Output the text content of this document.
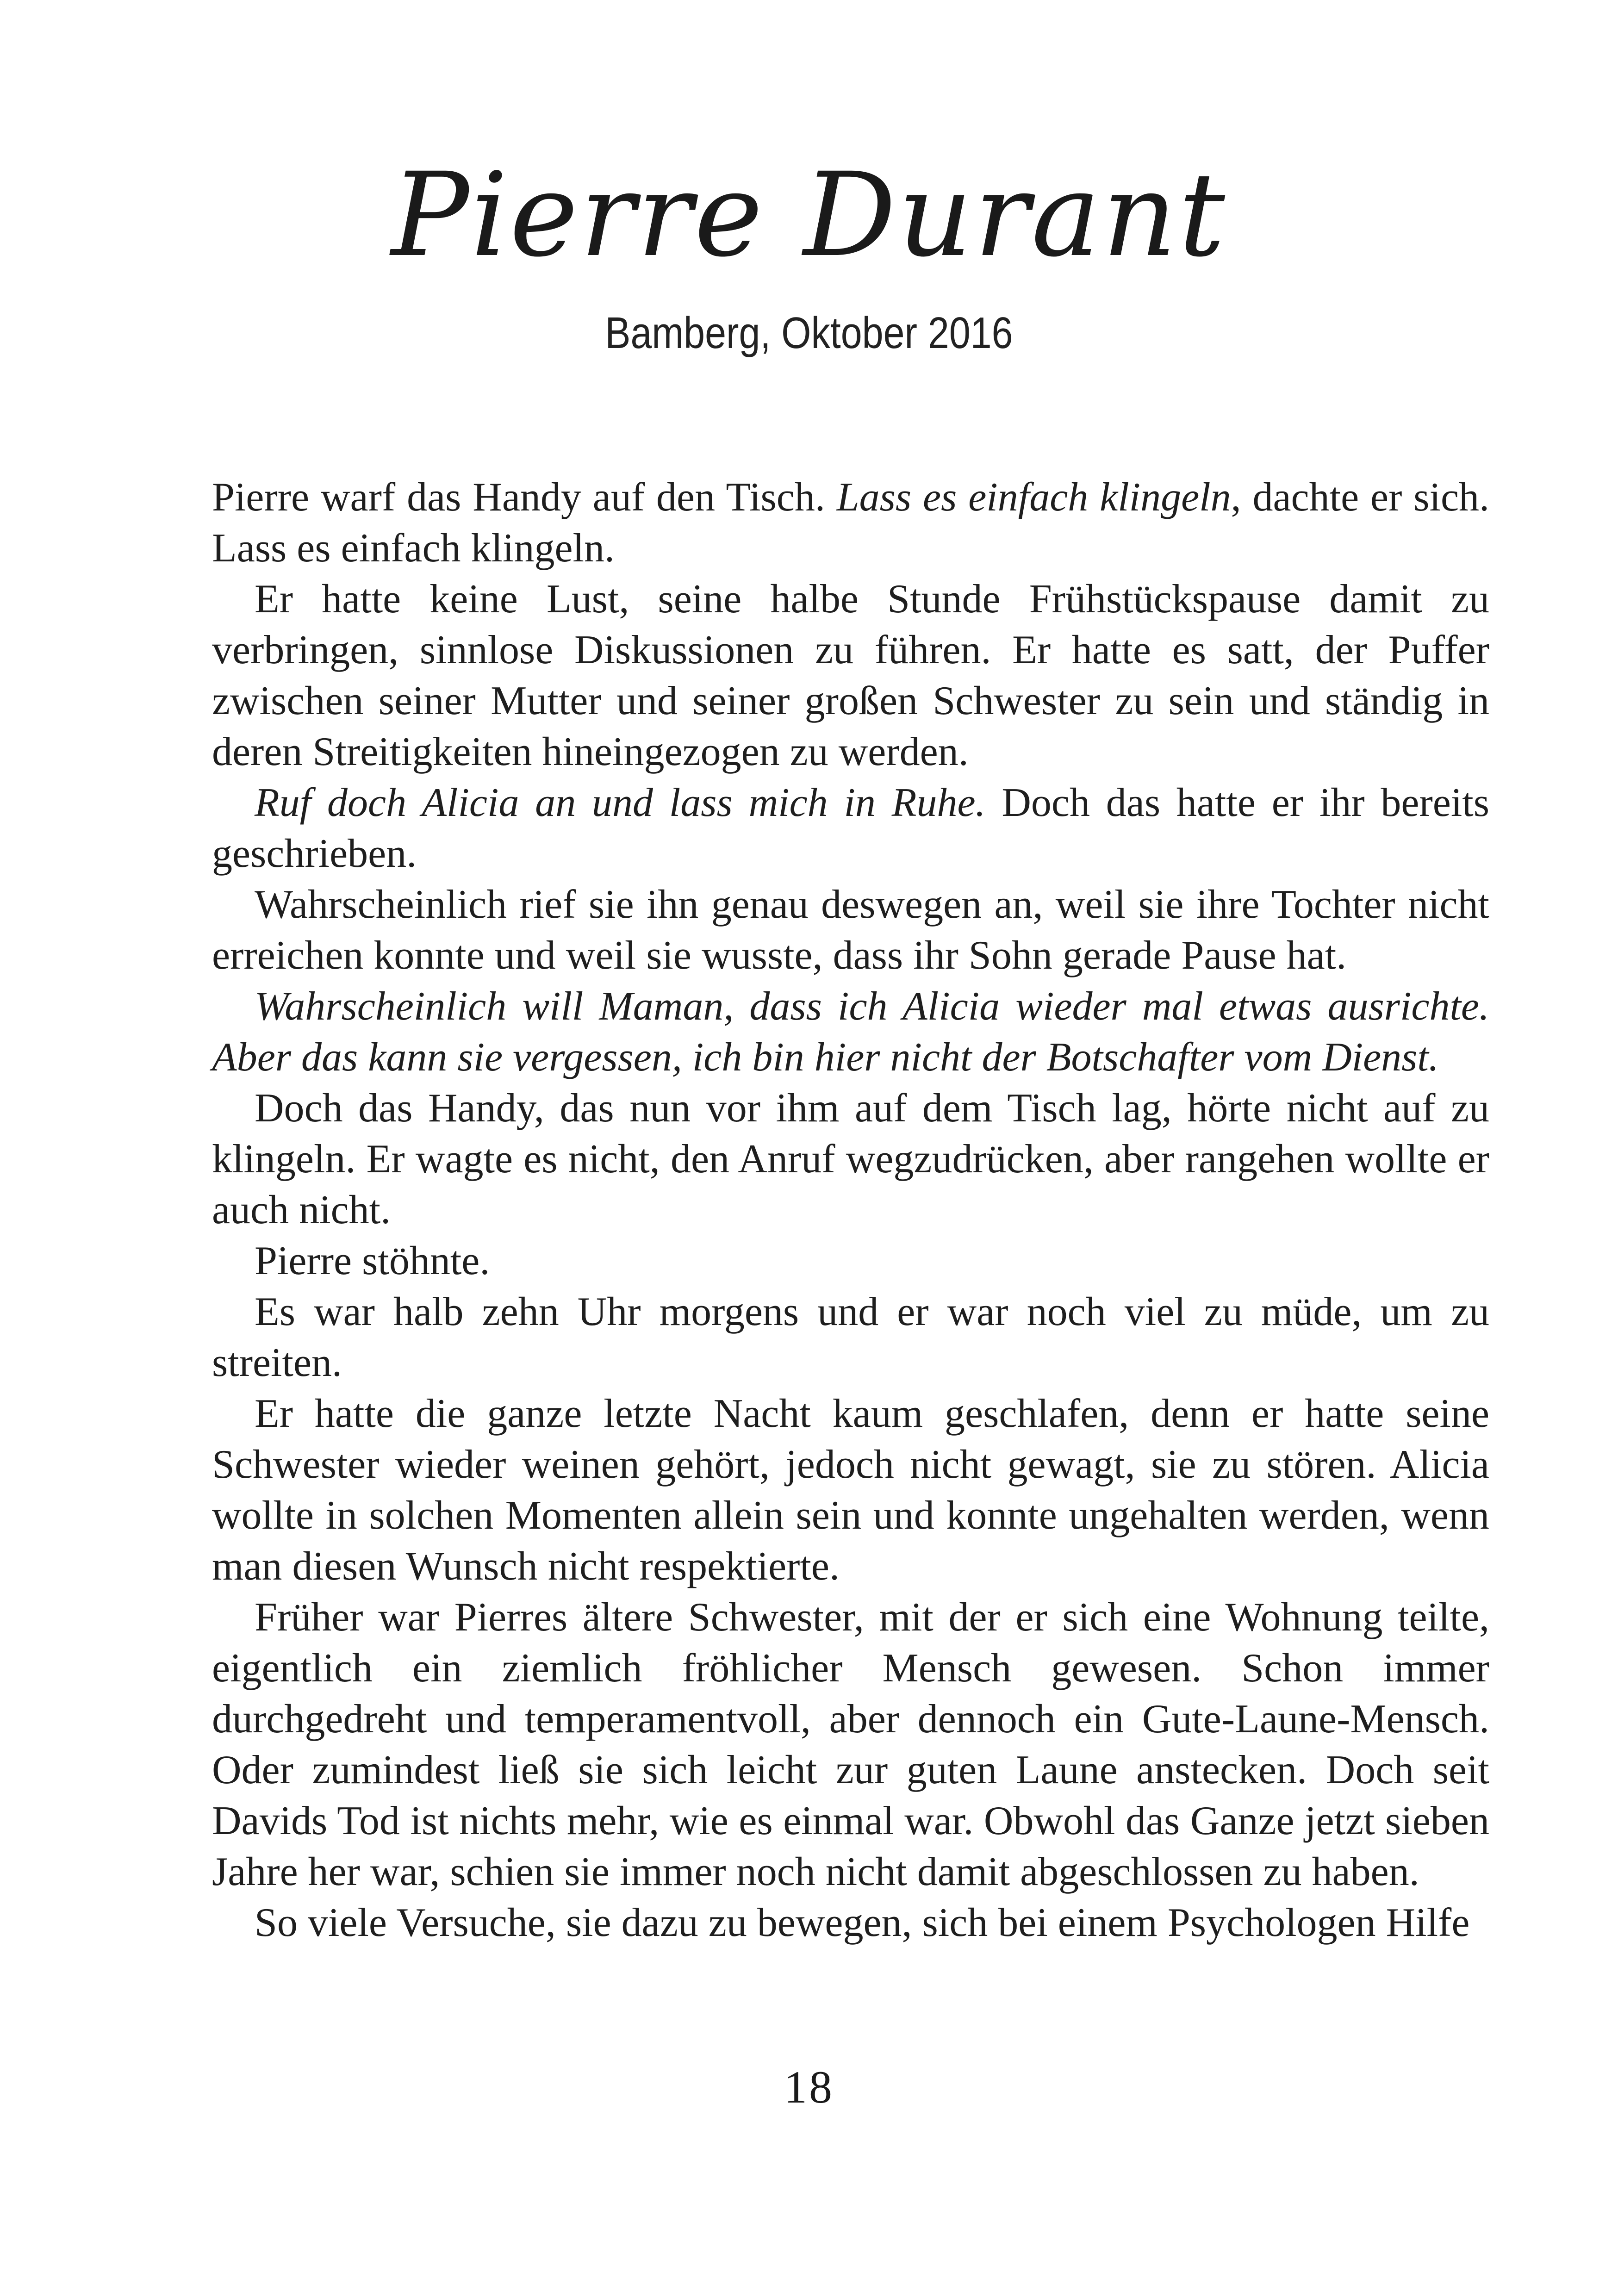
Pierre Durant
Bamberg, Oktober 2016

Pierre warf das Handy auf den Tisch. Lass es einfach klingeln, dachte er sich. Lass es einfach klingeln.

Er hatte keine Lust, seine halbe Stunde Frühstückspause damit zu verbringen, sinnlose Diskussionen zu führen. Er hatte es satt, der Puffer zwischen seiner Mutter und seiner großen Schwester zu sein und ständig in deren Streitigkeiten hineingezogen zu werden.

Ruf doch Alicia an und lass mich in Ruhe. Doch das hatte er ihr bereits geschrieben.

Wahrscheinlich rief sie ihn genau deswegen an, weil sie ihre Tochter nicht erreichen konnte und weil sie wusste, dass ihr Sohn gerade Pause hat.

Wahrscheinlich will Maman, dass ich Alicia wieder mal etwas ausrichte. Aber das kann sie vergessen, ich bin hier nicht der Botschafter vom Dienst.

Doch das Handy, das nun vor ihm auf dem Tisch lag, hörte nicht auf zu klingeln. Er wagte es nicht, den Anruf wegzudrücken, aber rangehen wollte er auch nicht.

Pierre stöhnte.

Es war halb zehn Uhr morgens und er war noch viel zu müde, um zu streiten.

Er hatte die ganze letzte Nacht kaum geschlafen, denn er hatte seine Schwester wieder weinen gehört, jedoch nicht gewagt, sie zu stören. Alicia wollte in solchen Momenten allein sein und konnte ungehalten werden, wenn man diesen Wunsch nicht respektierte.

Früher war Pierres ältere Schwester, mit der er sich eine Wohnung teilte, eigentlich ein ziemlich fröhlicher Mensch gewesen. Schon immer durchgedreht und temperamentvoll, aber dennoch ein Gute-Laune-Mensch. Oder zumindest ließ sie sich leicht zur guten Laune anstecken. Doch seit Davids Tod ist nichts mehr, wie es einmal war. Obwohl das Ganze jetzt sieben Jahre her war, schien sie immer noch nicht damit abgeschlossen zu haben.

So viele Versuche, sie dazu zu bewegen, sich bei einem Psychologen Hilfe

18
